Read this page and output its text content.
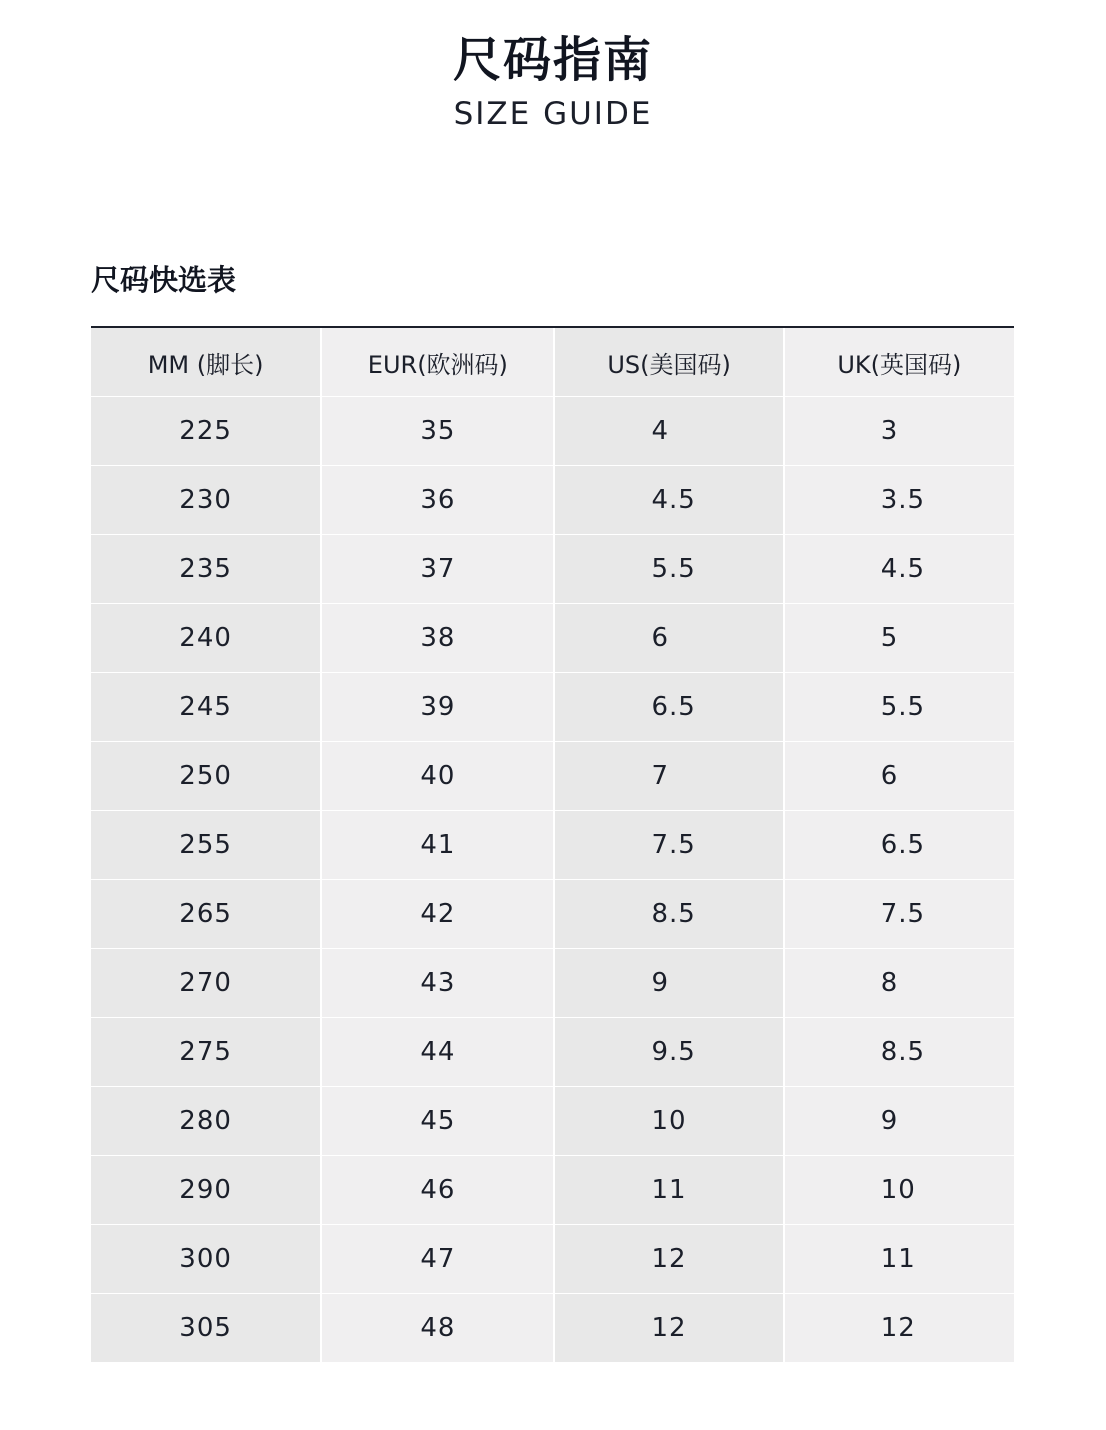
尺码指南
SIZE GUIDE
尺码快选表
MM (脚长)	EUR(欧洲码)	US(美国码)	UK(英国码)
225	35	4	3
230	36	4.5	3.5
235	37	5.5	4.5
240	38	6	5
245	39	6.5	5.5
250	40	7	6
255	41	7.5	6.5
265	42	8.5	7.5
270	43	9	8
275	44	9.5	8.5
280	45	10	9
290	46	11	10
300	47	12	11
305	48	12	12
